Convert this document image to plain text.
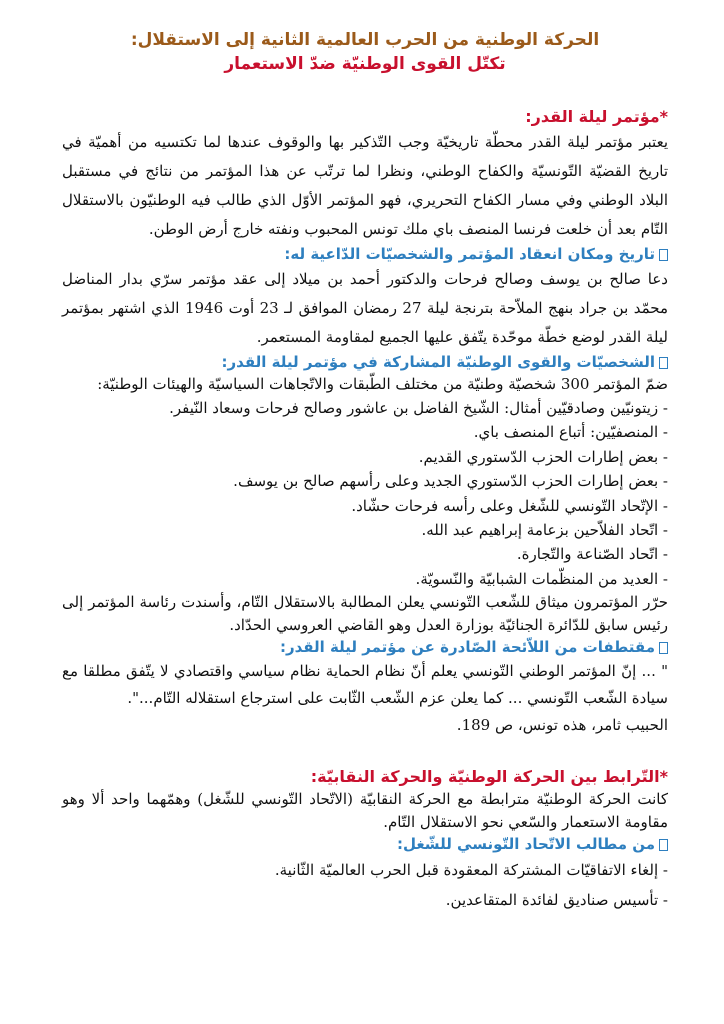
الحركة الوطنية من الحرب العالمية الثانية إلى الاستقلال:

تكتّل القوى الوطنيّة ضدّ الاستعمار

*مؤتمر ليلة القدر:

يعتبر مؤتمر ليلة القدر محطّة تاريخيّة وجب التّذكير بها والوقوف عندها لما تكتسيه من أهميّة في تاريخ القضيّة التّونسيّة والكفاح الوطني، ونظرا لما ترتّب عن هذا المؤتمر من نتائج في مستقبل البلاد الوطني وفي مسار الكفاح التحريري، فهو المؤتمر الأوّل الذي طالب فيه الوطنيّون بالاستقلال التّام بعد أن خلعت فرنسا المنصف باي ملك تونس المحبوب ونفته خارج أرض الوطن.

تاريخ ومكان انعقاد المؤتمر والشخصيّات الدّاعية له:

دعا صالح بن يوسف وصالح فرحات والدكتور أحمد بن ميلاد إلى عقد مؤتمر سرّي بدار المناضل محمّد بن جراد بنهج الملاّحة بترنجة ليلة 27 رمضان الموافق لـ 23 أوت 1946 الذي اشتهر بمؤتمر ليلة القدر لوضع خطّة موحّدة يتّفق عليها الجميع لمقاومة المستعمر.

الشخصيّات والقوى الوطنيّة المشاركة في مؤتمر ليلة القدر:

ضمّ المؤتمر 300 شخصيّة وطنيّة من مختلف الطّبقات والاتّجاهات السياسيّة والهيئات الوطنيّة:

- زيتونيّين وصادقيّين أمثال: الشّيخ الفاضل بن عاشور وصالح فرحات وسعاد النّيفر.
- المنصفيّين: أتباع المنصف باي.
- بعض إطارات الحزب الدّستوري القديم.
- بعض إطارات الحزب الدّستوري الجديد وعلى رأسهم صالح بن يوسف.
- الإتّحاد التّونسي للشّغل وعلى رأسه فرحات حشّاد.
- اتّحاد الفلاّحين بزعامة إبراهيم عبد الله.
- اتّحاد الصّناعة والتّجارة.
- العديد من المنظّمات الشبابيّة والنّسويّة.

حرّر المؤتمرون ميثاق للشّعب التّونسي يعلن المطالبة بالاستقلال التّام، وأسندت رئاسة المؤتمر إلى رئيس سابق للدّائرة الجنائيّة بوزارة العدل وهو القاضي العروسي الحدّاد.

مقتطفات من اللاّئحة الصّادرة عن مؤتمر ليلة القدر:

" ... إنّ المؤتمر الوطني التّونسي يعلم أنّ نظام الحماية نظام سياسي واقتصادي لا يتّفق مطلقا مع سيادة الشّعب التّونسي ... كما يعلن عزم الشّعب الثّابت على استرجاع استقلاله التّام...".

الحبيب ثامر، هذه تونس، ص 189.

*التّرابط بين الحركة الوطنيّة والحركة النقابيّة:

كانت الحركة الوطنيّة مترابطة مع الحركة النقابيّة (الاتّحاد التّونسي للشّغل) وهمّهما واحد ألا وهو مقاومة الاستعمار والسّعي نحو الاستقلال التّام.

من مطالب الاتّحاد التّونسي للشّغل:
- إلغاء الاتفاقيّات المشتركة المعقودة قبل الحرب العالميّة الثّانية.
- تأسيس صناديق لفائدة المتقاعدين.
